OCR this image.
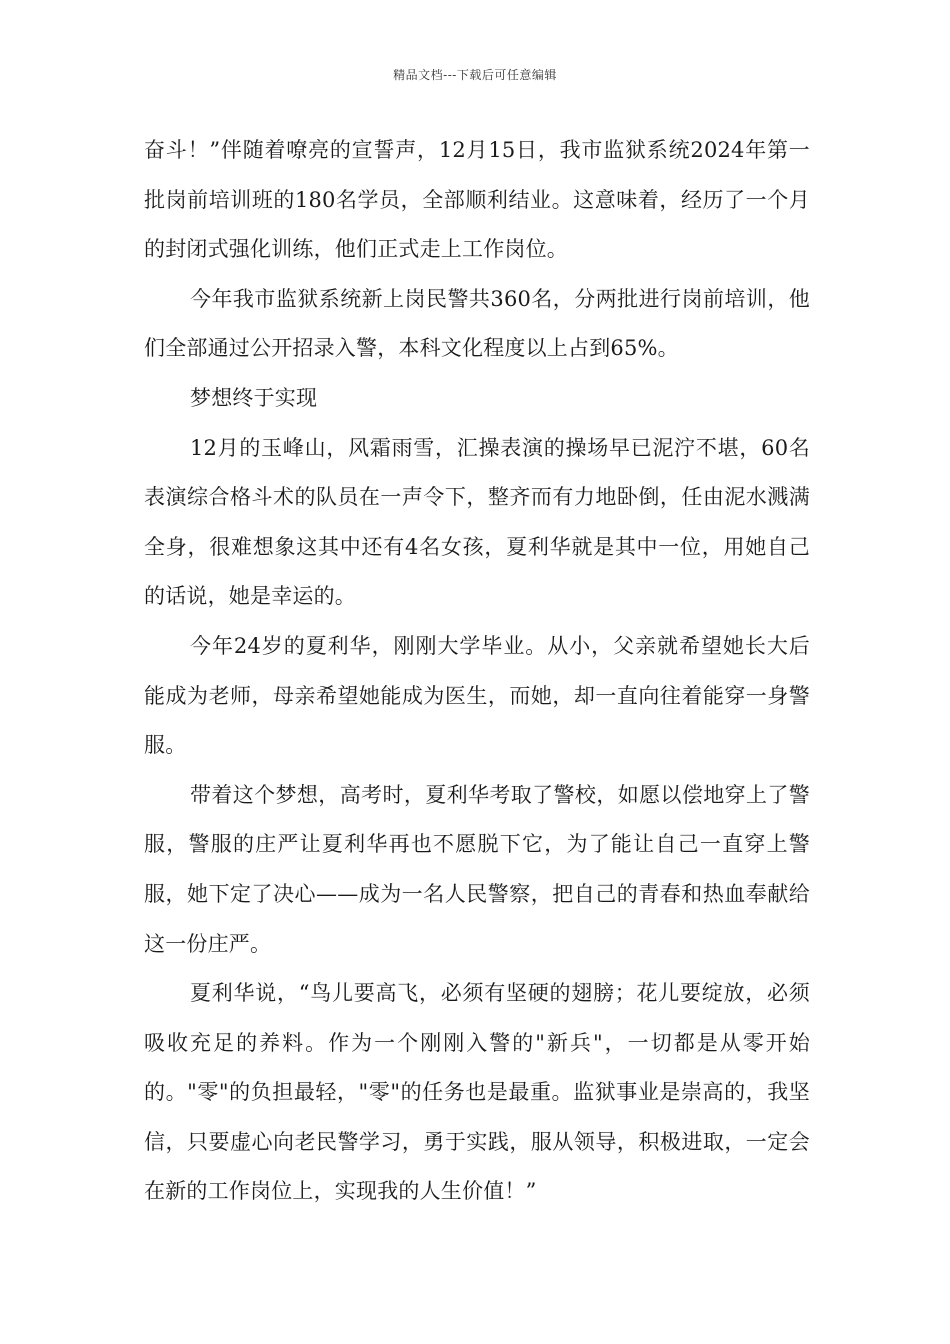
精品文档---下载后可任意编辑

奋斗！”伴随着嘹亮的宣誓声，12月15日，我市监狱系统2024年第一批岗前培训班的180名学员，全部顺利结业。这意味着，经历了一个月的封闭式强化训练，他们正式走上工作岗位。

今年我市监狱系统新上岗民警共360名，分两批进行岗前培训，他们全部通过公开招录入警，本科文化程度以上占到65%。

梦想终于实现

12月的玉峰山，风霜雨雪，汇操表演的操场早已泥泞不堪，60名表演综合格斗术的队员在一声令下，整齐而有力地卧倒，任由泥水溅满全身，很难想象这其中还有4名女孩，夏利华就是其中一位，用她自己的话说，她是幸运的。

今年24岁的夏利华，刚刚大学毕业。从小，父亲就希望她长大后能成为老师，母亲希望她能成为医生，而她，却一直向往着能穿一身警服。

带着这个梦想，高考时，夏利华考取了警校，如愿以偿地穿上了警服，警服的庄严让夏利华再也不愿脱下它，为了能让自己一直穿上警服，她下定了决心——成为一名人民警察，把自己的青春和热血奉献给这一份庄严。

夏利华说，“鸟儿要高飞，必须有坚硬的翅膀；花儿要绽放，必须吸收充足的养料。作为一个刚刚入警的"新兵"，一切都是从零开始的。"零"的负担最轻，"零"的任务也是最重。监狱事业是崇高的，我坚信，只要虚心向老民警学习，勇于实践，服从领导，积极进取，一定会在新的工作岗位上，实现我的人生价值！”
